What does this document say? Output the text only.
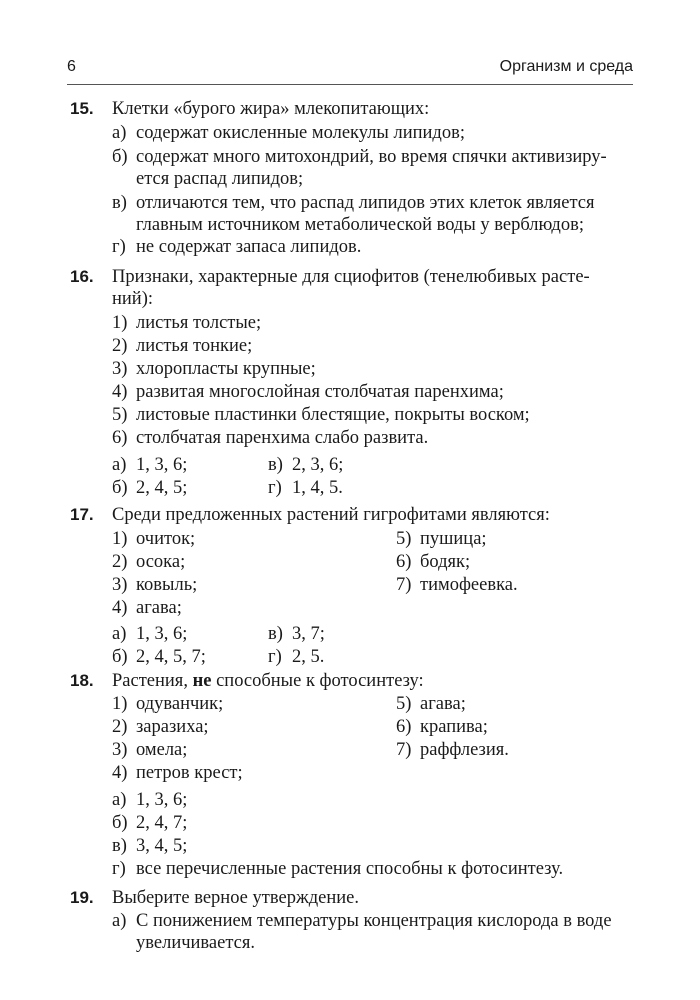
6	Организм и среда
15. Клетки «бурого жира» млекопитающих:
а) содержат окисленные молекулы липидов;
б) содержат много митохондрий, во время спячки активизиру-
ется распад липидов;
в) отличаются тем, что распад липидов этих клеток является
главным источником метаболической воды у верблюдов;
г) не содержат запаса липидов.
16. Признаки, характерные для сциофитов (тенелюбивых расте-
ний):
1) листья толстые;
2) листья тонкие;
3) хлоропласты крупные;
4) развитая многослойная столбчатая паренхима;
5) листовые пластинки блестящие, покрыты воском;
6) столбчатая паренхима слабо развита.
а) 1, 3, 6;	в) 2, 3, 6;
б) 2, 4, 5;	г) 1, 4, 5.
17. Среди предложенных растений гигрофитами являются:
1) очиток;
2) осока;
3) ковыль;
4) агава;
5) пушица;
6) бодяк;
7) тимофеевка.
а) 1, 3, 6;	в) 3, 7;
б) 2, 4, 5, 7;	г) 2, 5.
18. Растения, не способные к фотосинтезу:
1) одуванчик;
2) заразиха;
3) омела;
4) петров крест;
5) агава;
6) крапива;
7) раффлезия.
а) 1, 3, 6;
б) 2, 4, 7;
в) 3, 4, 5;
г) все перечисленные растения способны к фотосинтезу.
19. Выберите верное утверждение.
а) С понижением температуры концентрация кислорода в воде
увеличивается.
